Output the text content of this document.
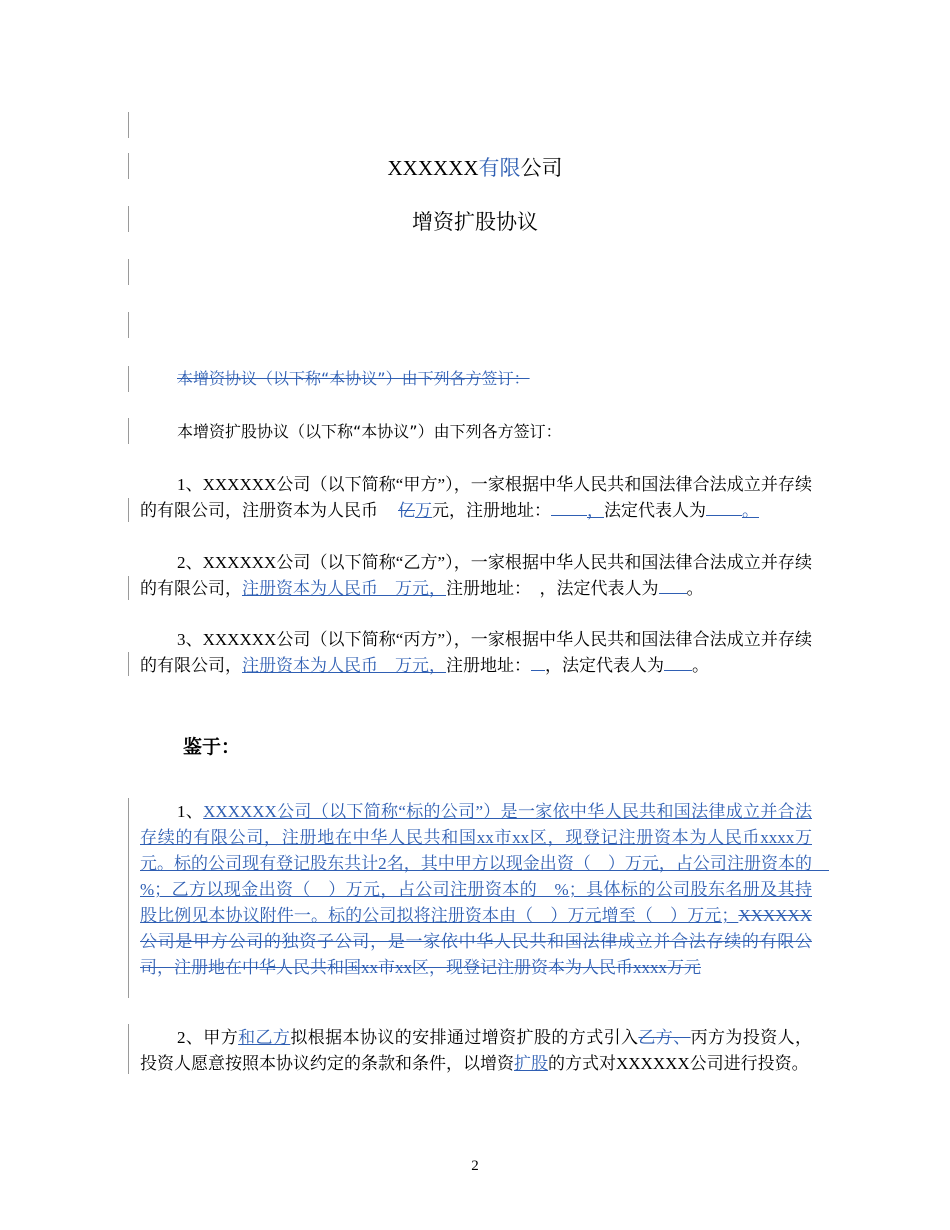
XXXXXX有限公司
增资扩股协议
本增资协议（以下称“本协议”）由下列各方签订：
本增资扩股协议（以下称“本协议”）由下列各方签订：
1、XXXXXX公司（以下简称“甲方”），一家根据中华人民共和国法律合法成立并存续的有限公司，注册资本为人民币 亿万元，注册地址： ，法定代表人为 。
2、XXXXXX公司（以下简称“乙方”），一家根据中华人民共和国法律合法成立并存续的有限公司，注册资本为人民币　万元，注册地址：　，法定代表人为 。
3、XXXXXX公司（以下简称“丙方”），一家根据中华人民共和国法律合法成立并存续的有限公司，注册资本为人民币　万元，注册地址： ，法定代表人为 。
鉴于：
1、XXXXXX公司（以下简称“标的公司”）是一家依中华人民共和国法律成立并合法存续的有限公司，注册地在中华人民共和国xx市xx区，现登记注册资本为人民币xxxx万元。标的公司现有登记股东共计2名，其中甲方以现金出资（　）万元，占公司注册资本的　%；乙方以现金出资（　）万元，占公司注册资本的　%；具体标的公司股东名册及其持股比例见本协议附件一。标的公司拟将注册资本由（　）万元增至（　）万元；XXXXXX公司是甲方公司的独资子公司，是一家依中华人民共和国法律成立并合法存续的有限公司，注册地在中华人民共和国xx市xx区，现登记注册资本为人民币xxxx万元
2、甲方和乙方拟根据本协议的安排通过增资扩股的方式引入乙方、丙方为投资人，投资人愿意按照本协议约定的条款和条件，以增资扩股的方式对XXXXXX公司进行投资。
2
